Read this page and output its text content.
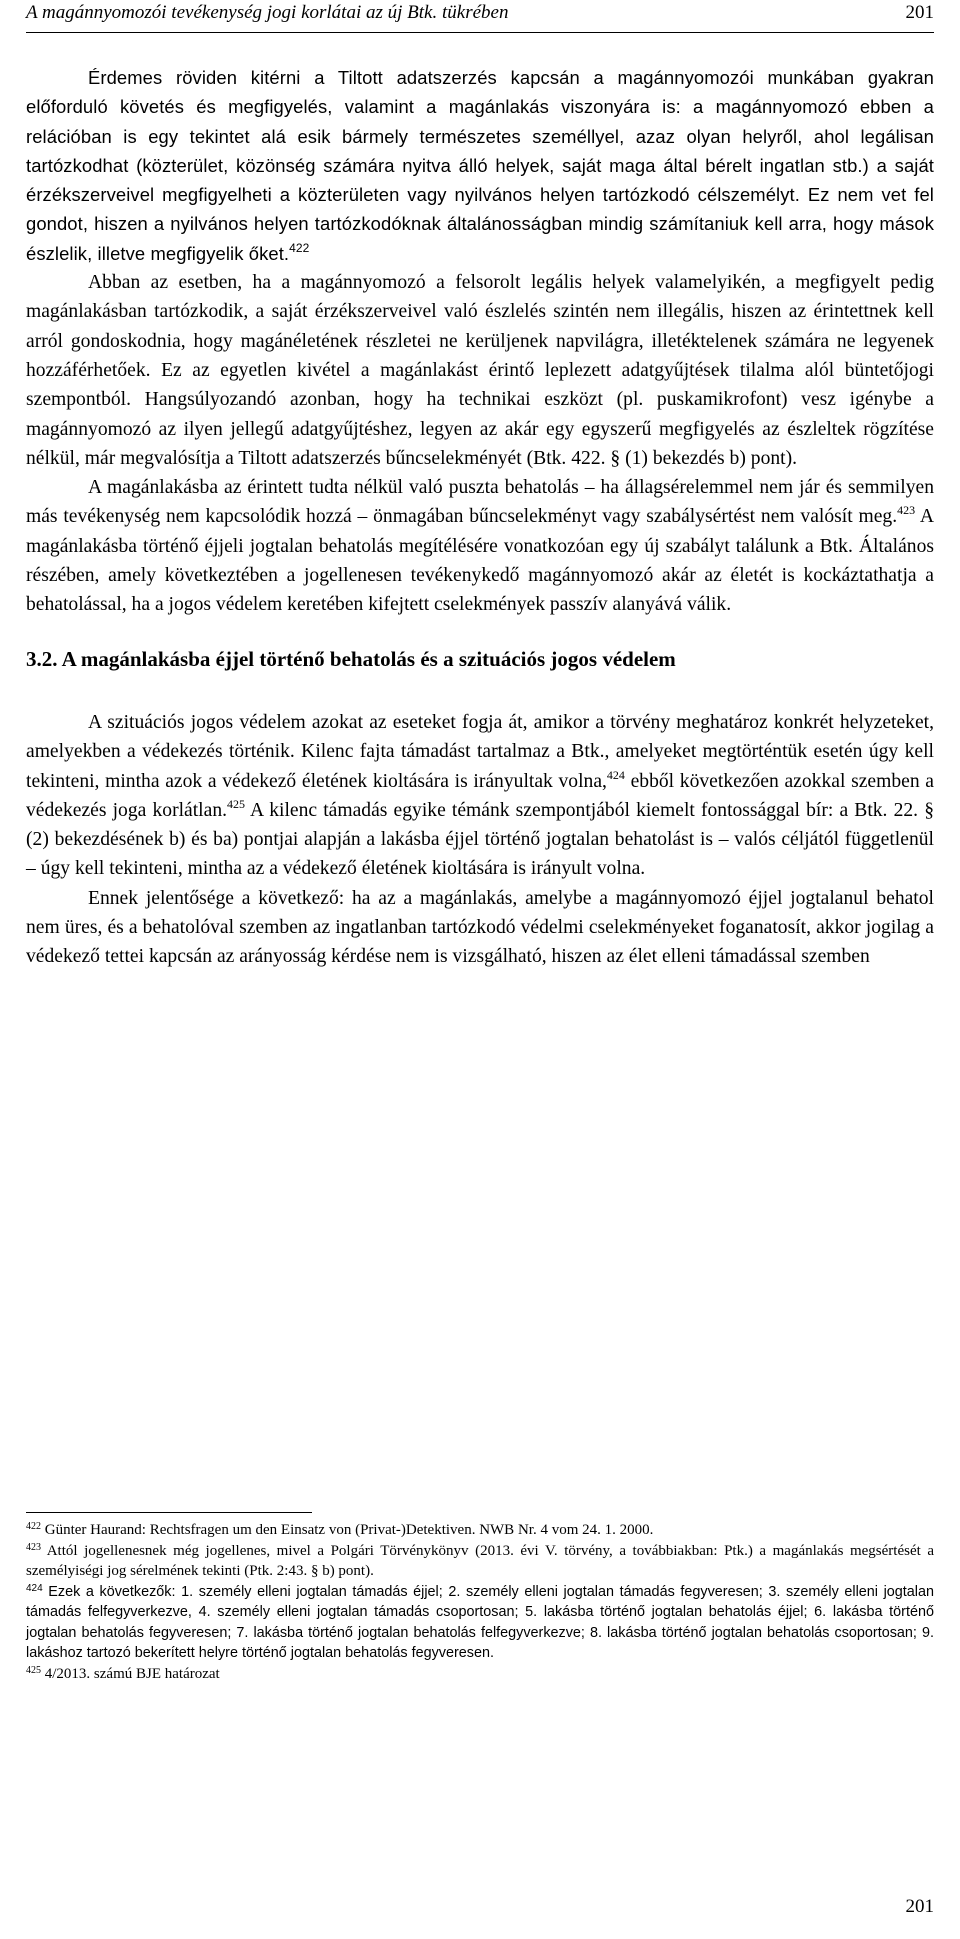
A magánnyomozói tevékenység jogi korlátai az új Btk. tükrében	201

Érdemes röviden kitérni a Tiltott adatszerzés kapcsán a magánnyomozói munkában gyakran előforduló követés és megfigyelés, valamint a magánlakás viszonyára is: a magánnyomozó ebben a relációban is egy tekintet alá esik bármely természetes személlyel, azaz olyan helyről, ahol legálisan tartózkodhat (közterület, közönség számára nyitva álló helyek, saját maga által bérelt ingatlan stb.) a saját érzékszerveivel megfigyelheti a közterületen vagy nyilvános helyen tartózkodó célszemélyt. Ez nem vet fel gondot, hiszen a nyilvános helyen tartózkodóknak általánosságban mindig számítaniuk kell arra, hogy mások észlelik, illetve megfigyelik őket.$^{422}$

Abban az esetben, ha a magánnyomozó a felsorolt legális helyek valamelyikén, a megfigyelt pedig magánlakásban tartózkodik, a saját érzékszerveivel való észlelés szintén nem illegális, hiszen az érintettnek kell arról gondoskodnia, hogy magánéletének részletei ne kerüljenek napvilágra, illetéktelenek számára ne legyenek hozzáférhetőek. Ez az egyetlen kivétel a magánlakást érintő leplezett adatgyűjtések tilalma alól büntetőjogi szempontból. Hangsúlyozandó azonban, hogy ha technikai eszközt (pl. puskamikrofont) vesz igénybe a magánnyomozó az ilyen jellegű adatgyűjtéshez, legyen az akár egy egyszerű megfigyelés az észleltek rögzítése nélkül, már megvalósítja a Tiltott adatszerzés bűncselekményét (Btk. 422. § (1) bekezdés b) pont).

A magánlakásba az érintett tudta nélkül való puszta behatolás – ha állagsérelemmel nem jár és semmilyen más tevékenység nem kapcsolódik hozzá – önmagában bűncselekményt vagy szabálysértést nem valósít meg.$^{423}$ A magánlakásba történő éjjeli jogtalan behatolás megítélésére vonatkozóan egy új szabályt találunk a Btk. Általános részében, amely következtében a jogellenesen tevékenykedő magánnyomozó akár az életét is kockáztathatja a behatolással, ha a jogos védelem keretében kifejtett cselekmények passzív alanyává válik.

3.2. A magánlakásba éjjel történő behatolás és a szituációs jogos védelem

A szituációs jogos védelem azokat az eseteket fogja át, amikor a törvény meghatároz konkrét helyzeteket, amelyekben a védekezés történik. Kilenc fajta támadást tartalmaz a Btk., amelyeket megtörténtük esetén úgy kell tekinteni, mintha azok a védekező életének kioltására is irányultak volna,$^{424}$ ebből következően azokkal szemben a védekezés joga korlátlan.$^{425}$ A kilenc támadás egyike témánk szempontjából kiemelt fontossággal bír: a Btk. 22. § (2) bekezdésének b) és ba) pontjai alapján a lakásba éjjel történő jogtalan behatolást is – valós céljától függetlenül – úgy kell tekinteni, mintha az a védekező életének kioltására is irányult volna.

Ennek jelentősége a következő: ha az a magánlakás, amelybe a magánnyomozó éjjel jogtalanul behatol nem üres, és a behatolóval szemben az ingatlanban tartózkodó védelmi cselekményeket foganatosít, akkor jogilag a védekező tettei kapcsán az arányosság kérdése nem is vizsgálható, hiszen az élet elleni támadással szemben

$^{422}$ Günter Haurand: Rechtsfragen um den Einsatz von (Privat-)Detektiven. NWB Nr. 4 vom 24. 1. 2000.

$^{423}$ Attól jogellenesnek még jogellenes, mivel a Polgári Törvénykönyv (2013. évi V. törvény, a továbbiakban: Ptk.) a magánlakás megsértését a személyiségi jog sérelmének tekinti (Ptk. 2:43. § b) pont).

$^{424}$ Ezek a következők: 1. személy elleni jogtalan támadás éjjel; 2. személy elleni jogtalan támadás fegyveresen; 3. személy elleni jogtalan támadás felfegyverkezve, 4. személy elleni jogtalan támadás csoportosan; 5. lakásba történő jogtalan behatolás éjjel; 6. lakásba történő jogtalan behatolás fegyveresen; 7. lakásba történő jogtalan behatolás felfegyverkezve; 8. lakásba történő jogtalan behatolás csoportosan; 9. lakáshoz tartozó bekerített helyre történő jogtalan behatolás fegyveresen.

$^{425}$ 4/2013. számú BJE határozat

201
